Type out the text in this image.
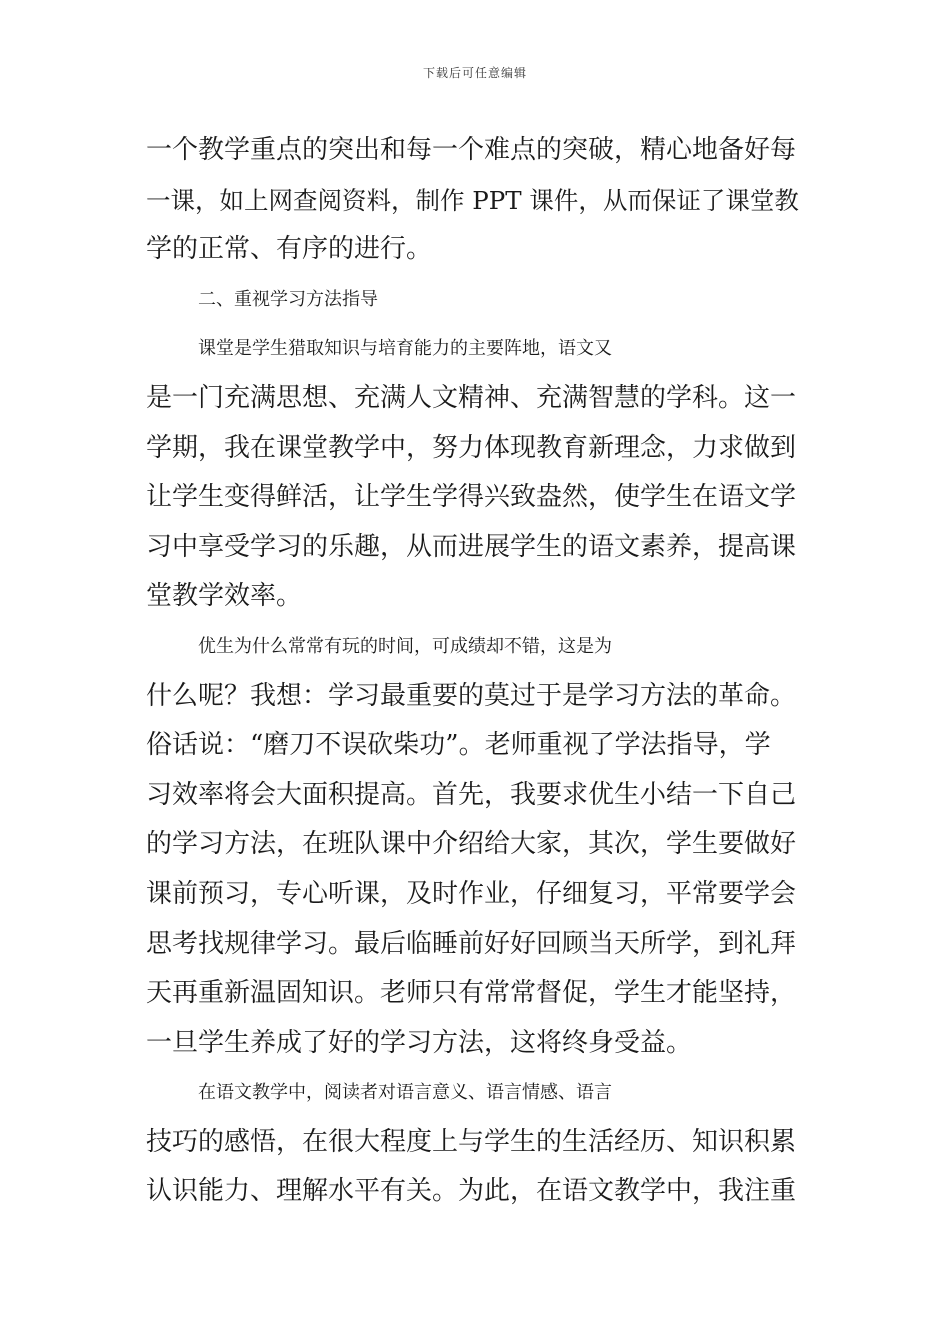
下载后可任意编辑

一个教学重点的突出和每一个难点的突破，精心地备好每

一课，如上网查阅资料，制作 PPT 课件，从而保证了课堂教

学的正常、有序的进行。

二、重视学习方法指导

课堂是学生猎取知识与培育能力的主要阵地，语文又

是一门充满思想、充满人文精神、充满智慧的学科。这一

学期，我在课堂教学中，努力体现教育新理念，力求做到

让学生变得鲜活，让学生学得兴致盎然，使学生在语文学

习中享受学习的乐趣，从而进展学生的语文素养，提高课

堂教学效率。

优生为什么常常有玩的时间，可成绩却不错，这是为

什么呢？我想：学习最重要的莫过于是学习方法的革命。

俗话说：“磨刀不误砍柴功”。老师重视了学法指导，学

习效率将会大面积提高。首先，我要求优生小结一下自己

的学习方法，在班队课中介绍给大家，其次，学生要做好

课前预习，专心听课，及时作业，仔细复习，平常要学会

思考找规律学习。最后临睡前好好回顾当天所学，到礼拜

天再重新温固知识。老师只有常常督促，学生才能坚持，

一旦学生养成了好的学习方法，这将终身受益。

在语文教学中，阅读者对语言意义、语言情感、语言

技巧的感悟，在很大程度上与学生的生活经历、知识积累

认识能力、理解水平有关。为此，在语文教学中，我注重
